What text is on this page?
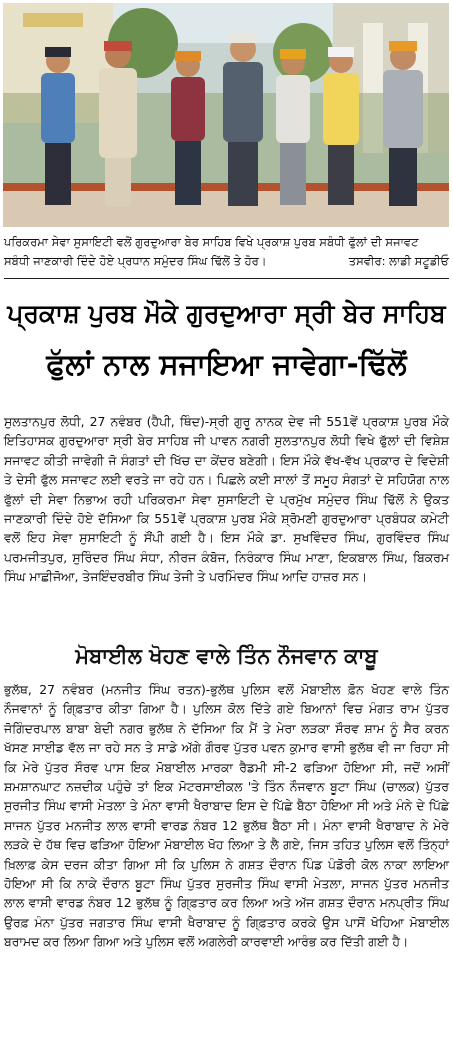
ਪਰਿਕਰਮਾ ਸੇਵਾ ਸੁਸਾਇਟੀ ਵਲੋਂ ਗੁਰਦੁਆਰਾ ਬੇਰ ਸਾਹਿਬ ਵਿਖੇ ਪ੍ਰਕਾਸ਼ ਪੁਰਬ ਸਬੰਧੀ ਫੁੱਲਾਂ ਦੀ ਸਜਾਵਟ
ਸਬੰਧੀ ਜਾਣਕਾਰੀ ਦਿੰਦੇ ਹੋਏ ਪ੍ਰਧਾਨ ਸਮੁੰਦਰ ਸਿੰਘ ਢਿੱਲੋਂ ਤੇ ਹੋਰ।	ਤਸਵੀਰ: ਲਾਡੀ ਸਟੂਡੀਓ
ਪ੍ਰਕਾਸ਼ ਪੁਰਬ ਮੌਕੇ ਗੁਰਦੁਆਰਾ ਸ੍ਰੀ ਬੇਰ ਸਾਹਿਬ
ਫੁੱਲਾਂ ਨਾਲ ਸਜਾਇਆ ਜਾਵੇਗਾ-ਢਿੱਲੋਂ

ਸੁਲਤਾਨਪੁਰ ਲੋਧੀ, 27 ਨਵੰਬਰ (ਹੈਪੀ, ਥਿੰਦ)-ਸ੍ਰੀ ਗੁਰੂ ਨਾਨਕ ਦੇਵ ਜੀ 551ਵੇਂ ਪ੍ਰਕਾਸ਼ ਪੁਰਬ ਮੌਕੇ ਇਤਿਹਾਸਕ ਗੁਰਦੁਆਰਾ ਸ੍ਰੀ ਬੇਰ ਸਾਹਿਬ ਜੀ ਪਾਵਨ ਨਗਰੀ ਸੁਲਤਾਨਪੁਰ ਲੋਧੀ ਵਿਖੇ ਫੁੱਲਾਂ ਦੀ ਵਿਸ਼ੇਸ਼ ਸਜਾਵਟ ਕੀਤੀ ਜਾਵੇਗੀ ਜੋ ਸੰਗਤਾਂ ਦੀ ਖਿੱਚ ਦਾ ਕੇਂਦਰ ਬਣੇਗੀ। ਇਸ ਮੌਕੇ ਵੱਖ-ਵੱਖ ਪ੍ਰਕਾਰ ਦੇ ਵਿਦੇਸ਼ੀ ਤੇ ਦੇਸੀ ਫੁੱਲ ਸਜਾਵਟ ਲਈ ਵਰਤੇ ਜਾ ਰਹੇ ਹਨ। ਪਿਛਲੇ ਕਈ ਸਾਲਾਂ ਤੋਂ ਸਮੂਹ ਸੰਗਤਾਂ ਦੇ ਸਹਿਯੋਗ ਨਾਲ ਫੁੱਲਾਂ ਦੀ ਸੇਵਾ ਨਿਭਾਅ ਰਹੀ ਪਰਿਕਰਮਾ ਸੇਵਾ ਸੁਸਾਇਟੀ ਦੇ ਪ੍ਰਮੁੱਖ ਸਮੁੰਦਰ ਸਿੰਘ ਢਿੱਲੋਂ ਨੇ ਉਕਤ ਜਾਣਕਾਰੀ ਦਿੰਦੇ ਹੋਏ ਦੱਸਿਆ ਕਿ 551ਵੇਂ ਪ੍ਰਕਾਸ਼ ਪੁਰਬ ਮੌਕੇ ਸ਼੍ਰੋਮਣੀ ਗੁਰਦੁਆਰਾ ਪ੍ਰਬੰਧਕ ਕਮੇਟੀ ਵਲੋਂ ਇਹ ਸੇਵਾ ਸੁਸਾਇਟੀ ਨੂੰ ਸੌਂਪੀ ਗਈ ਹੈ। ਇਸ ਮੌਕੇ ਡਾ. ਸੁਖਵਿੰਦਰ ਸਿੰਘ, ਗੁਰਵਿੰਦਰ ਸਿੰਘ ਪਰਮਜੀਤਪੁਰ, ਸੁਰਿੰਦਰ ਸਿੰਘ ਸੰਧਾ, ਨੀਰਜ ਕੰਬੋਜ, ਨਿਰੰਕਾਰ ਸਿੰਘ ਮਾਣਾ, ਇਕਬਾਲ ਸਿੰਘ, ਬਿਕਰਮ ਸਿੰਘ ਮਾਛੀਜੋਆ, ਤੇਜਇੰਦਰਬੀਰ ਸਿੰਘ ਤੇਜੀ ਤੇ ਪਰਮਿੰਦਰ ਸਿੰਘ ਆਦਿ ਹਾਜ਼ਰ ਸਨ।

ਮੋਬਾਈਲ ਖੋਹਣ ਵਾਲੇ ਤਿੰਨ ਨੌਜਵਾਨ ਕਾਬੂ

ਭੁਲੱਥ, 27 ਨਵੰਬਰ (ਮਨਜੀਤ ਸਿੰਘ ਰਤਨ)-ਭੁਲੱਥ ਪੁਲਿਸ ਵਲੋਂ ਮੋਬਾਈਲ ਫ਼ੋਨ ਖੋਹਣ ਵਾਲੇ ਤਿੰਨ ਨੌਜਵਾਨਾਂ ਨੂੰ ਗਿ੍ਫ਼ਤਾਰ ਕੀਤਾ ਗਿਆ ਹੈ। ਪੁਲਿਸ ਕੋਲ ਦਿੱਤੇ ਗਏ ਬਿਆਨਾਂ ਵਿਚ ਮੰਗਤ ਰਾਮ ਪੁੱਤਰ ਜੋਗਿੰਦਰਪਾਲ ਬਾਬਾ ਬੇਦੀ ਨਗਰ ਭੁਲੱਥ ਨੇ ਦੱਸਿਆ ਕਿ ਮੈਂ ਤੇ ਮੇਰਾ ਲੜਕਾ ਸੌਰਵ ਸ਼ਾਮ ਨੂੰ ਸੈਰ ਕਰਨ ਖੱਸਣ ਸਾਈਡ ਵੱਲ ਜਾ ਰਹੇ ਸਨ ਤੇ ਸਾਡੇ ਅੱਗੇ ਗੌਰਵ ਪੁੱਤਰ ਪਵਨ ਕੁਮਾਰ ਵਾਸੀ ਭੁਲੱਥ ਵੀ ਜਾ ਰਿਹਾ ਸੀ ਕਿ ਮੇਰੇ ਪੁੱਤਰ ਸੌਰਵ ਪਾਸ ਇਕ ਮੋਬਾਈਲ ਮਾਰਕਾ ਰੈਡਮੀ ਸੀ-2 ਫੜਿਆ ਹੋਇਆ ਸੀ, ਜਦੋਂ ਅਸੀਂ ਸ਼ਮਸ਼ਾਨਘਾਟ ਨਜ਼ਦੀਕ ਪਹੁੰਚੇ ਤਾਂ ਇਕ ਮੋਟਰਸਾਈਕਲ 'ਤੇ ਤਿੰਨ ਨੌਜਵਾਨ ਬੂਟਾ ਸਿੰਘ (ਚਾਲਕ) ਪੁੱਤਰ ਸੁਰਜੀਤ ਸਿੰਘ ਵਾਸੀ ਮੇਤਲਾ ਤੇ ਮੰਨਾ ਵਾਸੀ ਖੈਰਾਬਾਦ ਇਸ ਦੇ ਪਿੱਛੇ ਬੈਠਾ ਹੋਇਆ ਸੀ ਅਤੇ ਮੰਨੇ ਦੇ ਪਿੱਛੇ ਸਾਜਨ ਪੁੱਤਰ ਮਨਜੀਤ ਲਾਲ ਵਾਸੀ ਵਾਰਡ ਨੰਬਰ 12 ਭੁਲੱਥ ਬੈਠਾ ਸੀ। ਮੰਨਾ ਵਾਸੀ ਖੈਰਾਬਾਦ ਨੇ ਮੇਰੇ ਲੜਕੇ ਦੇ ਹੱਥ ਵਿਚ ਫੜਿਆ ਹੋਇਆ ਮੋਬਾਈਲ ਖੋਹ ਲਿਆ ਤੇ ਲੈ ਗਏ, ਜਿਸ ਤਹਿਤ ਪੁਲਿਸ ਵਲੋਂ ਤਿੰਨ੍ਹਾਂ ਖ਼ਿਲਾਫ਼ ਕੇਸ ਦਰਜ ਕੀਤਾ ਗਿਆ ਸੀ ਕਿ ਪੁਲਿਸ ਨੇ ਗਸ਼ਤ ਦੌਰਾਨ ਪਿੰਡ ਪੰਡੋਰੀ ਕੋਲ ਨਾਕਾ ਲਾਇਆ ਹੋਇਆ ਸੀ ਕਿ ਨਾਕੇ ਦੌਰਾਨ ਬੂਟਾ ਸਿੰਘ ਪੁੱਤਰ ਸੁਰਜੀਤ ਸਿੰਘ ਵਾਸੀ ਮੇਤਲਾ, ਸਾਜਨ ਪੁੱਤਰ ਮਨਜੀਤ ਲਾਲ ਵਾਸੀ ਵਾਰਡ ਨੰਬਰ 12 ਭੁਲੱਥ ਨੂੰ ਗਿ੍ਫ਼ਤਾਰ ਕਰ ਲਿਆ ਅਤੇ ਅੱਜ ਗਸ਼ਤ ਦੌਰਾਨ ਮਨਪ੍ਰੀਤ ਸਿੰਘ ਉਰਫ਼ ਮੰਨਾ ਪੁੱਤਰ ਜਗਤਾਰ ਸਿੰਘ ਵਾਸੀ ਖੈਰਾਬਾਦ ਨੂੰ ਗਿ੍ਫ਼ਤਾਰ ਕਰਕੇ ਉਸ ਪਾਸੋਂ ਖੋਹਿਆ ਮੋਬਾਈਲ ਬਰਾਮਦ ਕਰ ਲਿਆ ਗਿਆ ਅਤੇ ਪੁਲਿਸ ਵਲੋਂ ਅਗਲੇਰੀ ਕਾਰਵਾਈ ਆਰੰਭ ਕਰ ਦਿੱਤੀ ਗਈ ਹੈ।
